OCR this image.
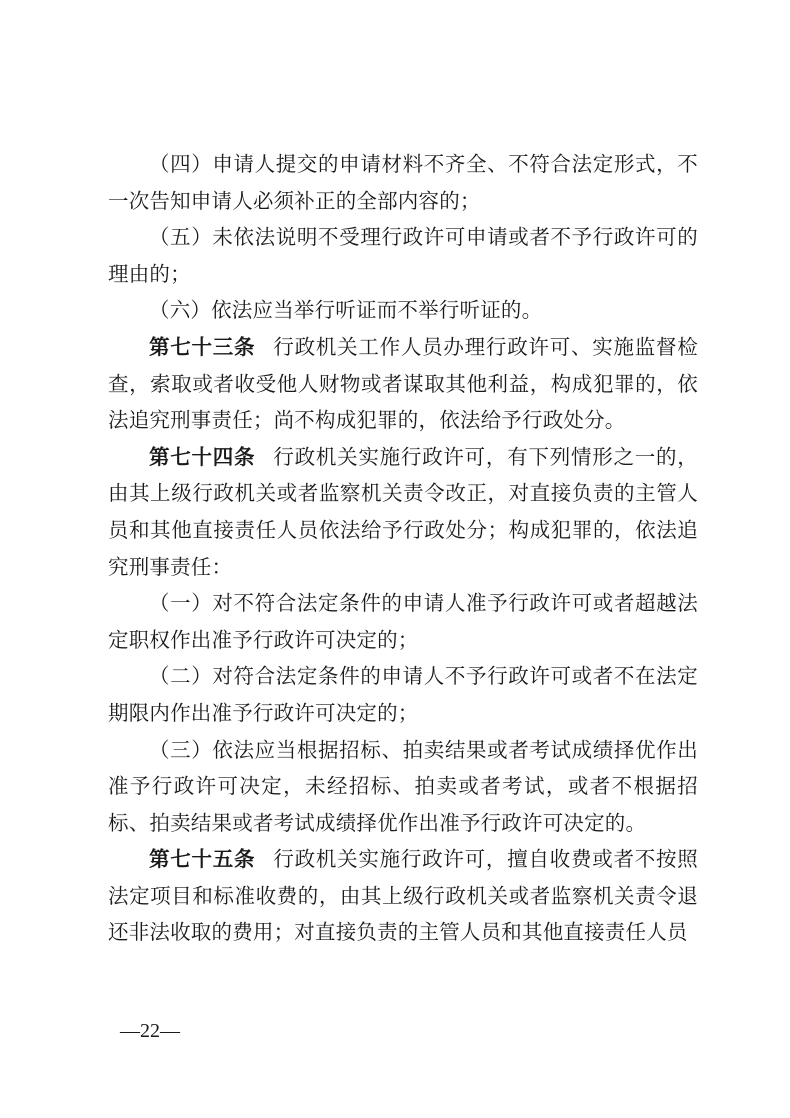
（四）申请人提交的申请材料不齐全、不符合法定形式，不一次告知申请人必须补正的全部内容的；

（五）未依法说明不受理行政许可申请或者不予行政许可的理由的；

（六）依法应当举行听证而不举行听证的。

第七十三条 行政机关工作人员办理行政许可、实施监督检查，索取或者收受他人财物或者谋取其他利益，构成犯罪的，依法追究刑事责任；尚不构成犯罪的，依法给予行政处分。

第七十四条 行政机关实施行政许可，有下列情形之一的，由其上级行政机关或者监察机关责令改正，对直接负责的主管人员和其他直接责任人员依法给予行政处分；构成犯罪的，依法追究刑事责任：

（一）对不符合法定条件的申请人准予行政许可或者超越法定职权作出准予行政许可决定的；

（二）对符合法定条件的申请人不予行政许可或者不在法定期限内作出准予行政许可决定的；

（三）依法应当根据招标、拍卖结果或者考试成绩择优作出准予行政许可决定，未经招标、拍卖或者考试，或者不根据招标、拍卖结果或者考试成绩择优作出准予行政许可决定的。

第七十五条 行政机关实施行政许可，擅自收费或者不按照法定项目和标准收费的，由其上级行政机关或者监察机关责令退还非法收取的费用；对直接负责的主管人员和其他直接责任人员

—22—
